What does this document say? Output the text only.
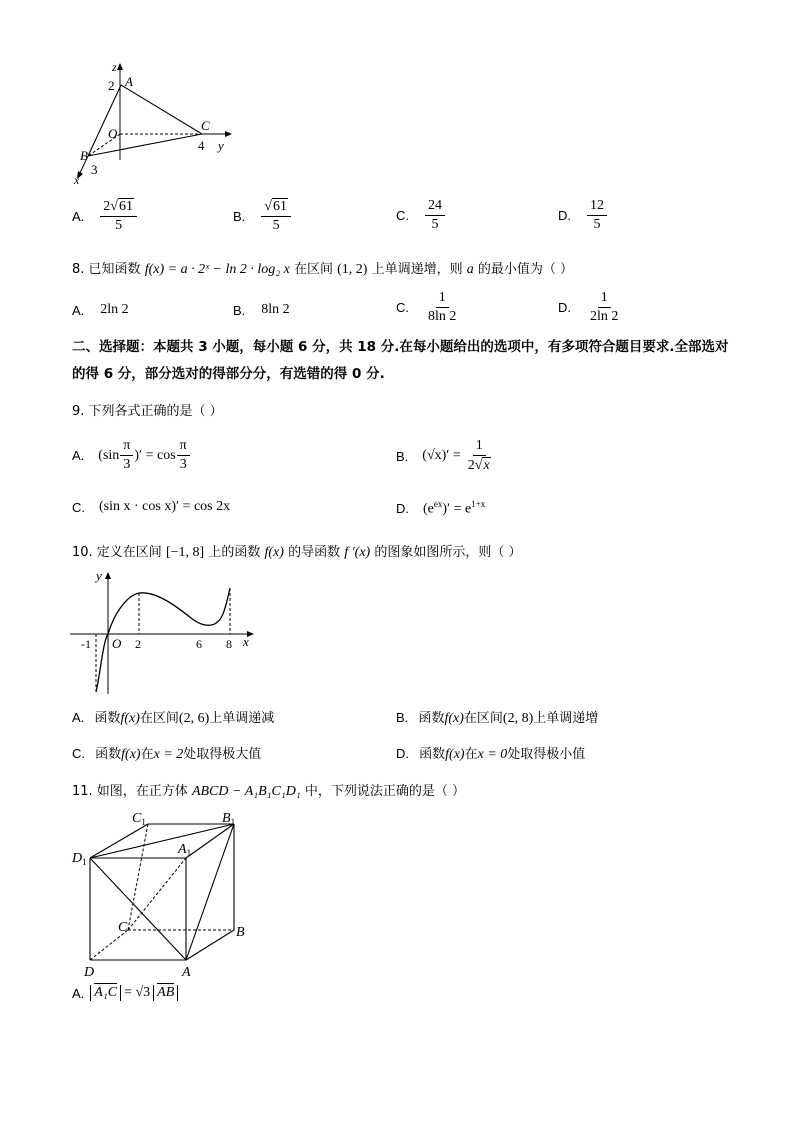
z
A
2
O
C
4 y
B
3
x
A. $\frac{2√61}{5}$	B. $\frac{√61}{5}$	C. $\frac{24}{5}$	D. $\frac{12}{5}$
8. 已知函数 f(x) = a · 2ˣ − ln 2 · log₂ x 在区间 (1, 2) 上单调递增，则 a 的最小值为（ ）
A. 2ln 2	B. 8ln 2	C. $\frac{1}{8\ln 2}$	D. $\frac{1}{2\ln 2}$
二、选择题：本题共 3 小题，每小题 6 分，共 18 分.在每小题给出的选项中，有多项符合题目要求.全部选对的得 6 分，部分选对的得部分分，有选错的得 0 分.
9. 下列各式正确的是（ ）
A. ($\sin \frac{\pi}{3}$ )′ = $\cos \frac{\pi}{3}$	B. $(√x)' = \frac{1}{2√x}$
C. (sin x · cos x)′ = cos 2x	D. $(e^{ex})' = e^{1+x}$
10. 定义在区间 [−1, 8] 上的函数 f(x) 的导函数 f ′(x) 的图象如图所示，则（ ）
y
x
-1 O 2	6 8
A. 函数f(x)在区间(2, 6)上单调递减	B. 函数f(x)在区间(2, 8)上单调递增
C. 函数f(x)在x = 2处取得极大值	D. 函数f(x)在x = 0处取得极小值
11. 如图，在正方体 ABCD − A₁B₁C₁D₁ 中，下列说法正确的是（ ）
$C_1$	$B_1$
$A_1$
$D_1$
C	B
D	A
A. A₁C = √3 AB
